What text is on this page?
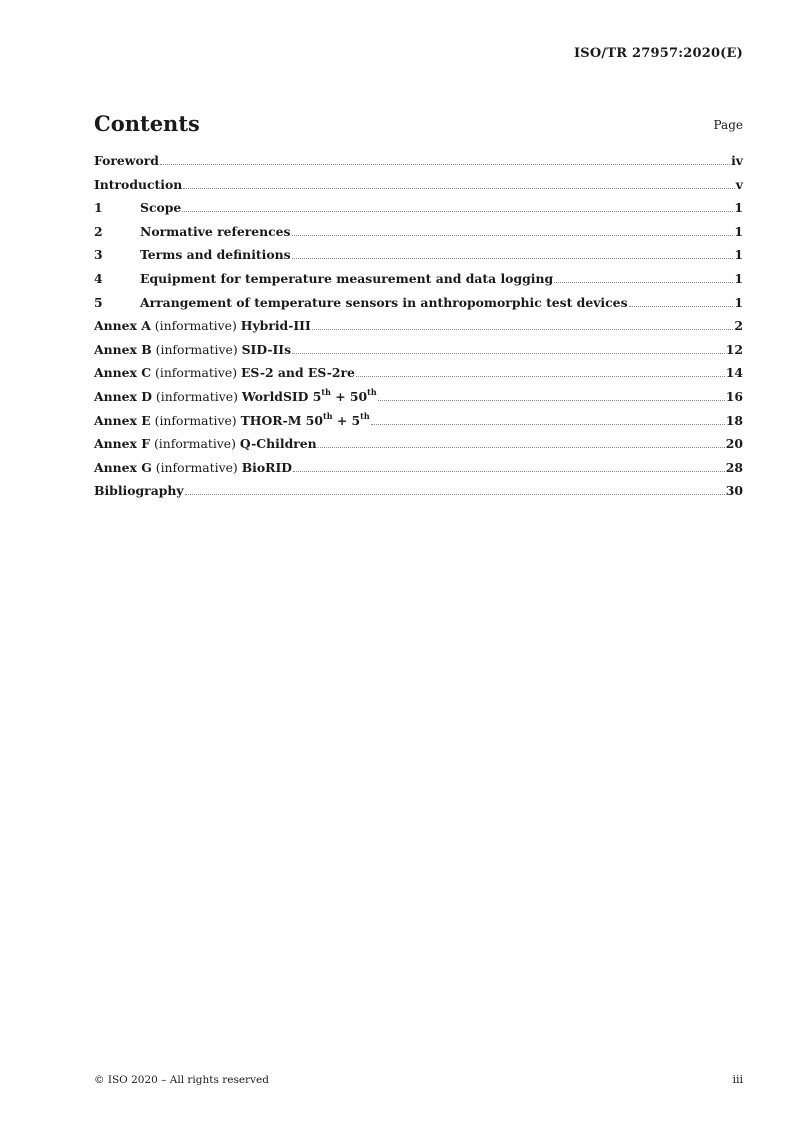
ISO/TR 27957:2020(E)
Contents	Page
Foreword	iv
Introduction	v
1	Scope	1
2	Normative references	1
3	Terms and definitions	1
4	Equipment for temperature measurement and data logging	1
5	Arrangement of temperature sensors in anthropomorphic test devices	1
Annex A (informative) Hybrid-III	2
Annex B (informative) SID-IIs	12
Annex C (informative) ES-2 and ES-2re	14
Annex D (informative) WorldSID 5th + 50th	16
Annex E (informative) THOR-M 50th + 5th	18
Annex F (informative) Q-Children	20
Annex G (informative) BioRID	28
Bibliography	30
© ISO 2020 – All rights reserved	iii
